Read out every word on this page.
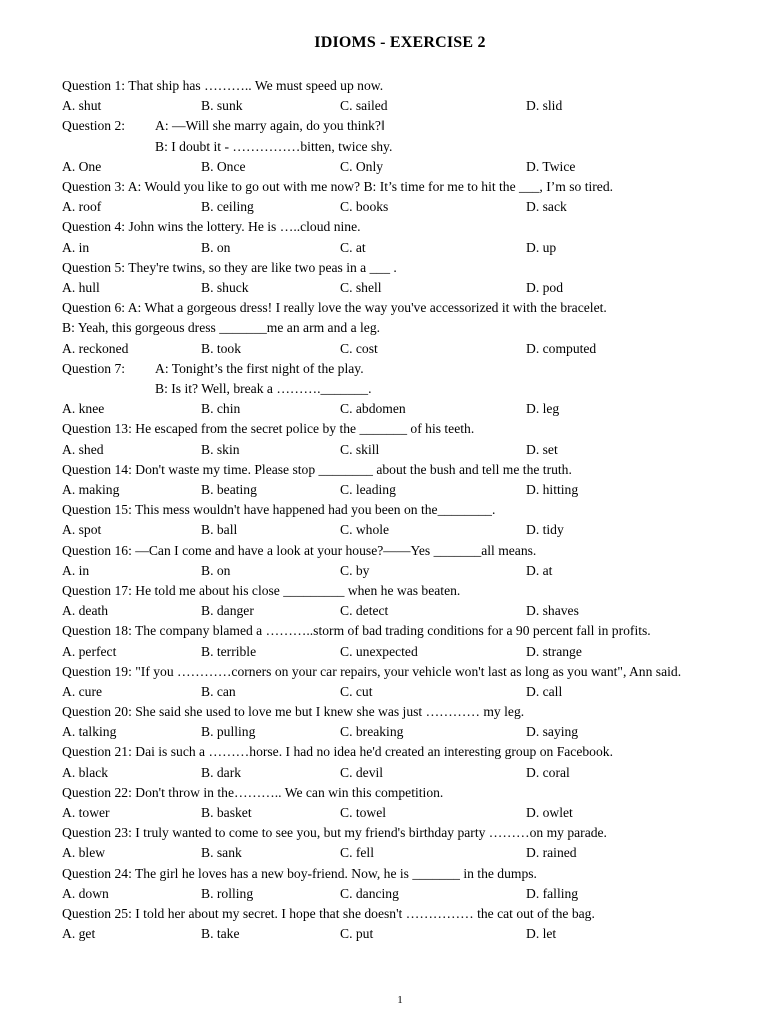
IDIOMS - EXERCISE 2
Question 1: That ship has ……….. We must speed up now.
A. shut	B. sunk	C. sailed	D. slid
Question 2:	A: ―Will she marry again, do you think?‖
B: I doubt it - ……………bitten, twice shy.
A. One	B. Once	C. Only	D. Twice
Question 3: A: Would you like to go out with me now? B: It’s time for me to hit the ___, I’m so tired.
A. roof	B. ceiling	C. books	D. sack
Question 4: John wins the lottery. He is …..cloud nine.
A. in	B. on	C. at	D. up
Question 5: They're twins, so they are like two peas in a ___ .
A. hull	B. shuck	C. shell	D. pod
Question 6: A: What a gorgeous dress! I really love the way you've accessorized it with the bracelet.
B: Yeah, this gorgeous dress _______me an arm and a leg.
A. reckoned	B. took	C. cost	D. computed
Question 7:	A: Tonight’s the first night of the play.
B: Is it? Well, break a ………._______.
A. knee	B. chin	C. abdomen	D. leg
Question 13: He escaped from the secret police by the _______ of his teeth.
A. shed	B. skin	C. skill	D. set
Question 14: Don't waste my time. Please stop ________ about the bush and tell me the truth.
A. making	B. beating	C. leading	D. hitting
Question 15: This mess wouldn't have happened had you been on the________.
A. spot	B. ball	C. whole	D. tidy
Question 16: ―Can I come and have a look at your house?――Yes _______all means.
A. in	B. on	C. by	D. at
Question 17: He told me about his close _________ when he was beaten.
A. death	B. danger	C. detect	D. shaves
Question 18: The company blamed a ………..storm of bad trading conditions for a 90 percent fall in profits.
A. perfect	B. terrible	C. unexpected	D. strange
Question 19: "If you …………corners on your car repairs, your vehicle won't last as long as you want", Ann said.
A. cure	B. can	C. cut	D. call
Question 20: She said she used to love me but I knew she was just ………… my leg.
A. talking	B. pulling	C. breaking	D. saying
Question 21: Dai is such a ………horse. I had no idea he'd created an interesting group on Facebook.
A. black	B. dark	C. devil	D. coral
Question 22: Don't throw in the……….. We can win this competition.
A. tower	B. basket	C. towel	D. owlet
Question 23: I truly wanted to come to see you, but my friend's birthday party ………on my parade.
A. blew	B. sank	C. fell	D. rained
Question 24: The girl he loves has a new boy-friend. Now, he is _______ in the dumps.
A. down	B. rolling	C. dancing	D. falling
Question 25: I told her about my secret. I hope that she doesn't …………… the cat out of the bag.
A. get	B. take	C. put	D. let
1
